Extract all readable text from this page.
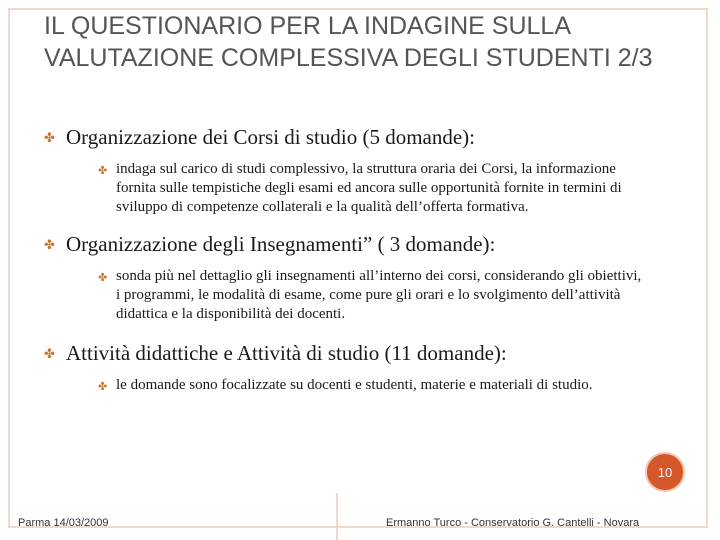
IL QUESTIONARIO PER LA INDAGINE SULLA VALUTAZIONE COMPLESSIVA DEGLI STUDENTI 2/3
✤ Organizzazione dei Corsi di studio (5 domande):
✤ indaga sul carico di studi complessivo, la struttura oraria dei Corsi, la informazione fornita sulle tempistiche degli esami ed ancora sulle opportunità fornite in termini di sviluppo di competenze collaterali e la qualità dell’offerta formativa.
✤ Organizzazione degli Insegnamenti” ( 3 domande):
✤ sonda più nel dettaglio gli insegnamenti all’interno dei corsi, considerando gli obiettivi, i programmi, le modalità di esame, come pure gli orari e lo svolgimento dell’attività didattica e la disponibilità dei docenti.
✤ Attività didattiche e Attività di studio (11 domande):
✤ le domande sono focalizzate su docenti e studenti, materie e materiali di studio.
10
Parma 14/03/2009	Ermanno Turco - Conservatorio G. Cantelli - Novara
